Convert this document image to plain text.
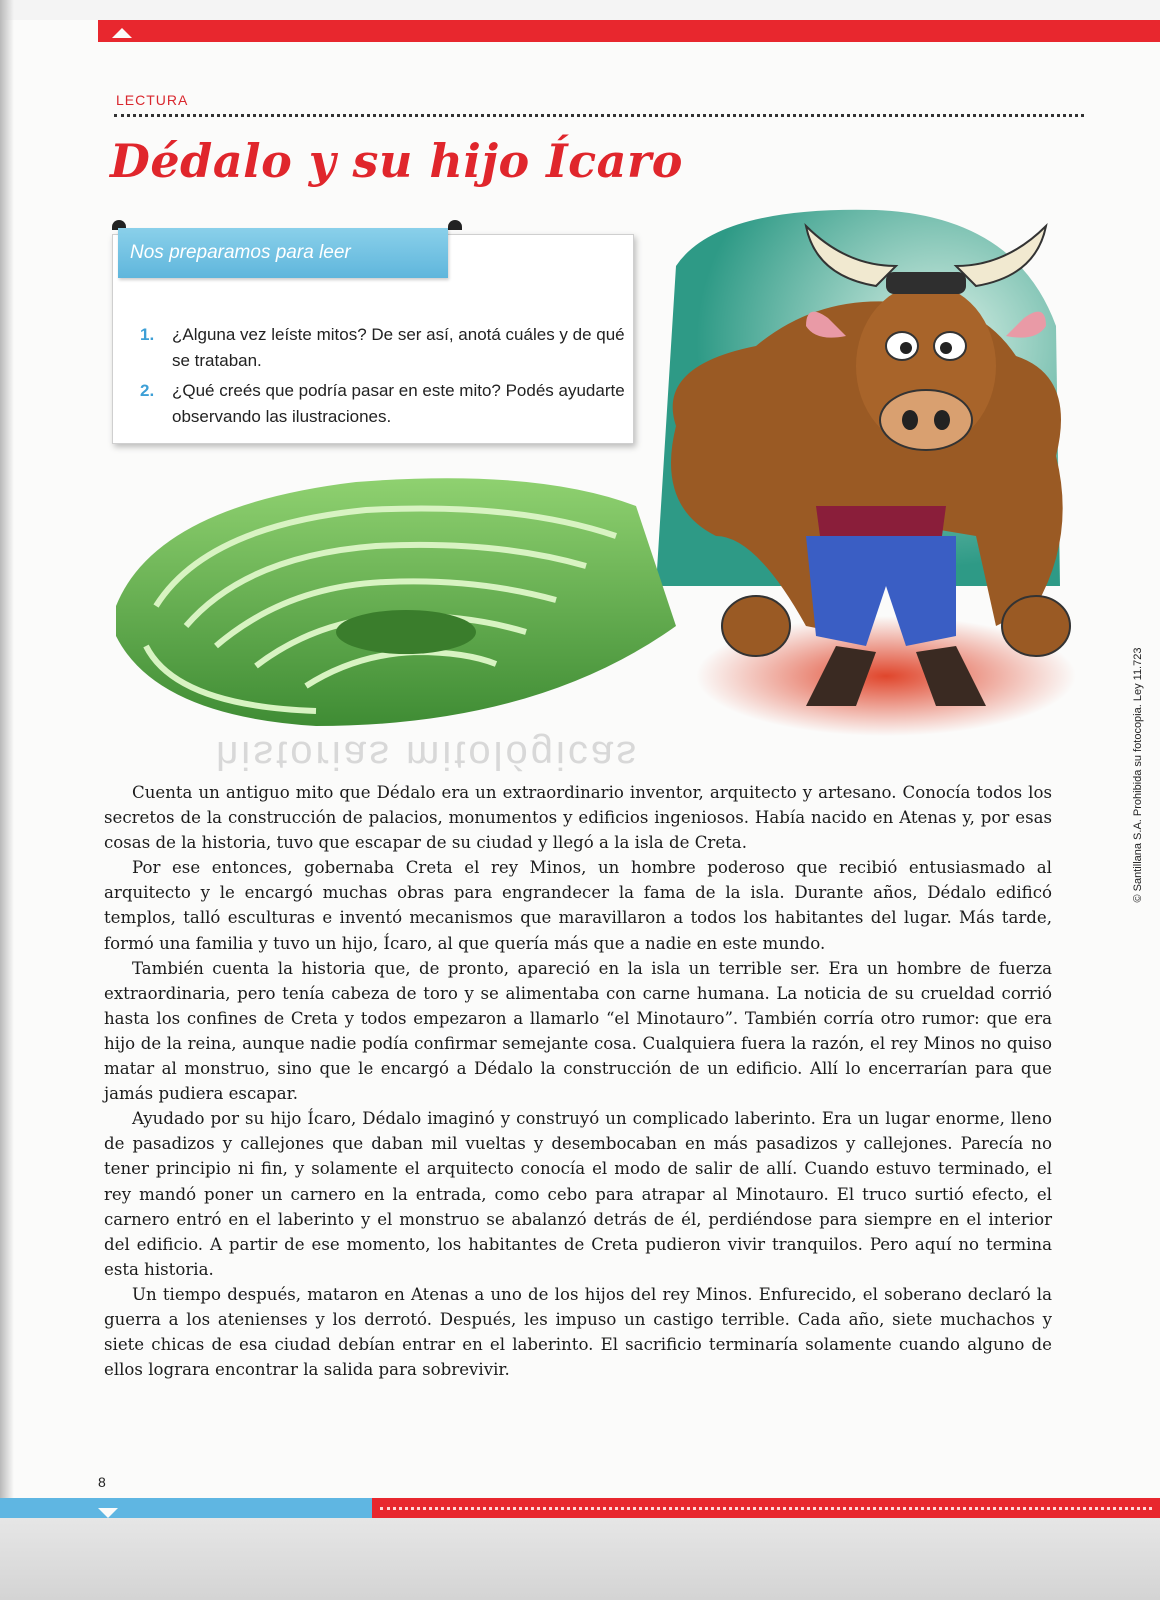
LECTURA
Dédalo y su hijo Ícaro
Nos preparamos para leer
1. ¿Alguna vez leíste mitos? De ser así, anotá cuáles y de qué se trataban.
2. ¿Qué creés que podría pasar en este mito? Podés ayudarte observando las ilustraciones.
historias mitológicas	© Santillana S.A. Prohibida su fotocopia. Ley 11.723

Cuenta un antiguo mito que Dédalo era un extraordinario inventor, arquitecto y artesano. Conocía todos los secretos de la construcción de palacios, monumentos y edificios ingeniosos. Había nacido en Atenas y, por esas cosas de la historia, tuvo que escapar de su ciudad y llegó a la isla de Creta.

Por ese entonces, gobernaba Creta el rey Minos, un hombre poderoso que recibió entusiasmado al arquitecto y le encargó muchas obras para engrandecer la fama de la isla. Durante años, Dédalo edificó templos, talló esculturas e inventó mecanismos que maravillaron a todos los habitantes del lugar. Más tarde, formó una familia y tuvo un hijo, Ícaro, al que quería más que a nadie en este mundo.

También cuenta la historia que, de pronto, apareció en la isla un terrible ser. Era un hombre de fuerza extraordinaria, pero tenía cabeza de toro y se alimentaba con carne humana. La noticia de su crueldad corrió hasta los confines de Creta y todos empezaron a llamarlo “el Minotauro”. También corría otro rumor: que era hijo de la reina, aunque nadie podía confirmar semejante cosa. Cualquiera fuera la razón, el rey Minos no quiso matar al monstruo, sino que le encargó a Dédalo la construcción de un edificio. Allí lo encerrarían para que jamás pudiera escapar.

Ayudado por su hijo Ícaro, Dédalo imaginó y construyó un complicado laberinto. Era un lugar enorme, lleno de pasadizos y callejones que daban mil vueltas y desembocaban en más pasadizos y callejones. Parecía no tener principio ni fin, y solamente el arquitecto conocía el modo de salir de allí. Cuando estuvo terminado, el rey mandó poner un carnero en la entrada, como cebo para atrapar al Minotauro. El truco surtió efecto, el carnero entró en el laberinto y el monstruo se abalanzó detrás de él, perdiéndose para siempre en el interior del edificio. A partir de ese momento, los habitantes de Creta pudieron vivir tranquilos. Pero aquí no termina esta historia.

Un tiempo después, mataron en Atenas a uno de los hijos del rey Minos. Enfurecido, el soberano declaró la guerra a los atenienses y los derrotó. Después, les impuso un castigo terrible. Cada año, siete muchachos y siete chicas de esa ciudad debían entrar en el laberinto. El sacrificio terminaría solamente cuando alguno de ellos lograra encontrar la salida para sobrevivir.

8
